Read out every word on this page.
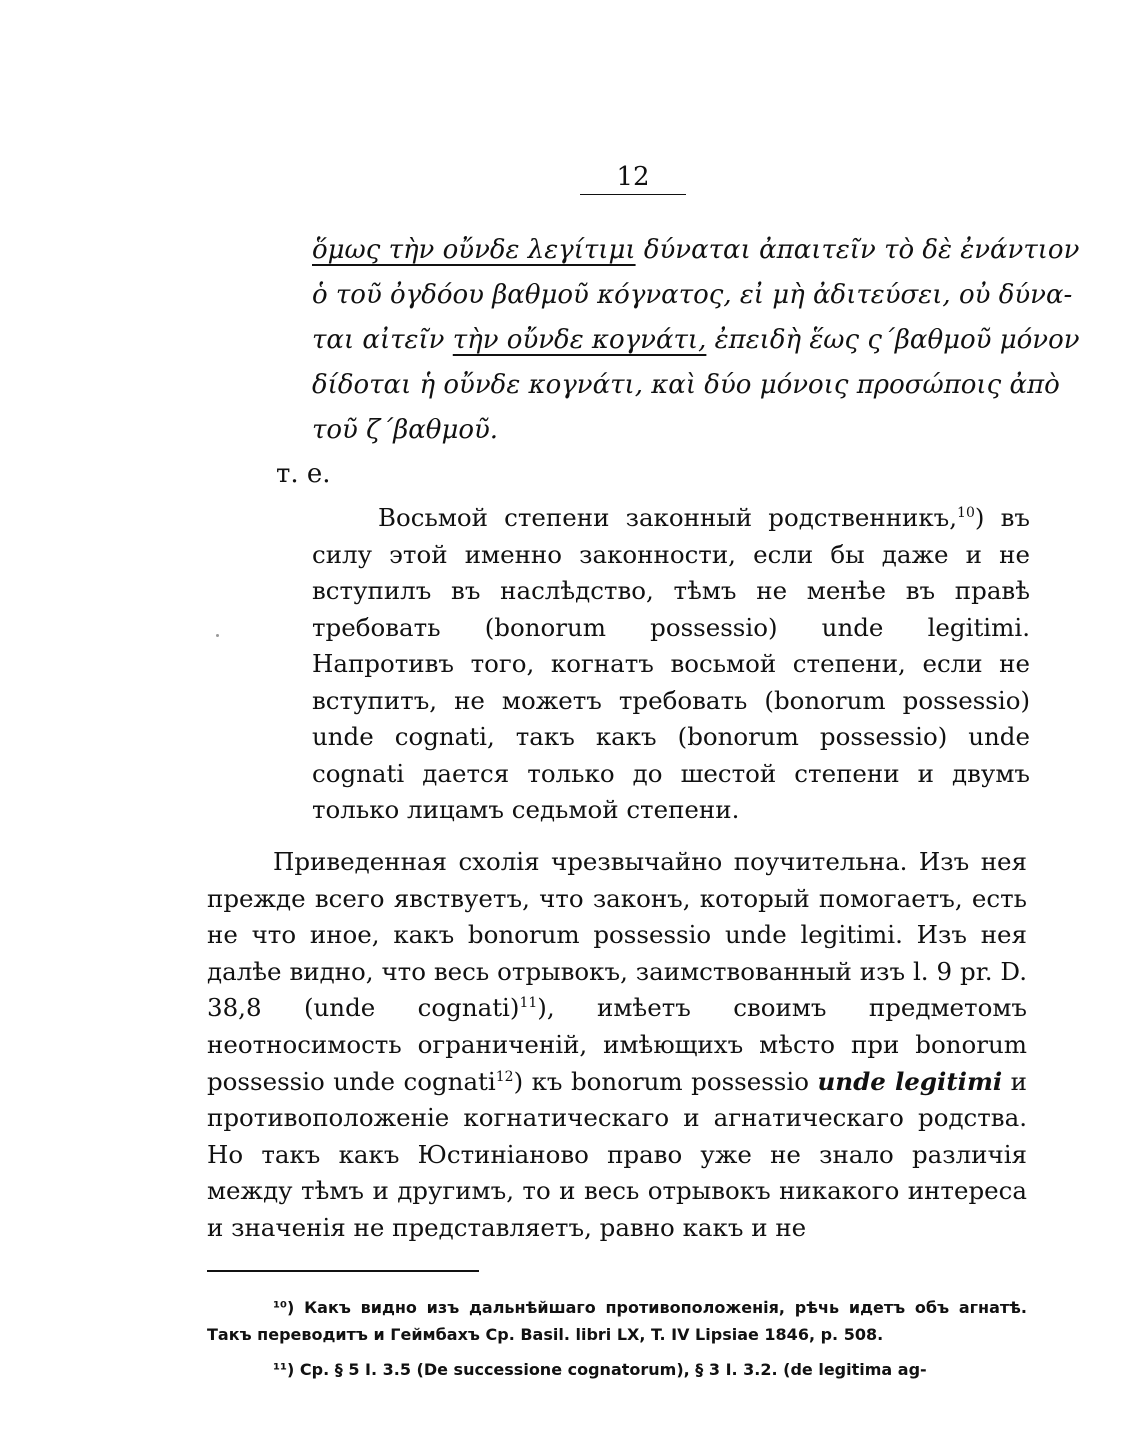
12

ὅμως τὴν οὔνδε λεγίτιμι δύναται ἀπαιτεῖν τὸ δὲ ἐνάντιον

ὁ τοῦ ὀγδόου βαθμοῦ κόγνατος, εἰ μὴ ἀδιτεύσει, οὐ δύνα-

ται αἰτεῖν τὴν οὔνδε κογνάτι, ἐπειδὴ ἕως ς΄βαθμοῦ μόνον

δίδοται ἡ οὔνδε κογνάτι, καὶ δύο μόνοις προσώποις ἀπὸ

τοῦ ζ΄βαθμοῦ.

т. е.

Восьмой степени законный родственникъ,$^{10}$) въ силу этой именно законности, если бы даже и не вступилъ въ наслѣдство, тѣмъ не менѣе въ правѣ требовать (bonorum possessio) unde legitimi. Напротивъ того, когнатъ восьмой степени, если не вступитъ, не можетъ требовать (bonorum possessio) unde cognati, такъ какъ (bonorum possessio) unde cognati дается только до шестой степени и двумъ только лицамъ седьмой степени.

Приведенная схолія чрезвычайно поучительна. Изъ нея прежде всего явствуетъ, что законъ, который помогаетъ, есть не что иное, какъ bonorum possessio unde legitimi. Изъ нея далѣе видно, что весь отрывокъ, заимствованный изъ l. 9 pr. D. 38,8 (unde cognati)$^{11}$), имѣетъ своимъ предметомъ неотносимость ограниченій, имѣющихъ мѣсто при bonorum possessio unde cognati$^{12}$) къ bonorum possessio unde legitimi и противоположеніе когнатическаго и агнатическаго родства. Но такъ какъ Юстиніаново право уже не знало различія между тѣмъ и другимъ, то и весь отрывокъ никакого интереса и значенія не представляетъ, равно какъ и не

¹⁰) Какъ видно изъ дальнѣйшаго противоположенія, рѣчь идетъ объ агнатѣ. Такъ переводитъ и Геймбахъ Cp. Basil. libri LX, T. IV Lipsiae 1846, p. 508.

¹¹) Cp. § 5 I. 3.5 (De successione cognatorum), § 3 I. 3.2. (de legitima ag-
